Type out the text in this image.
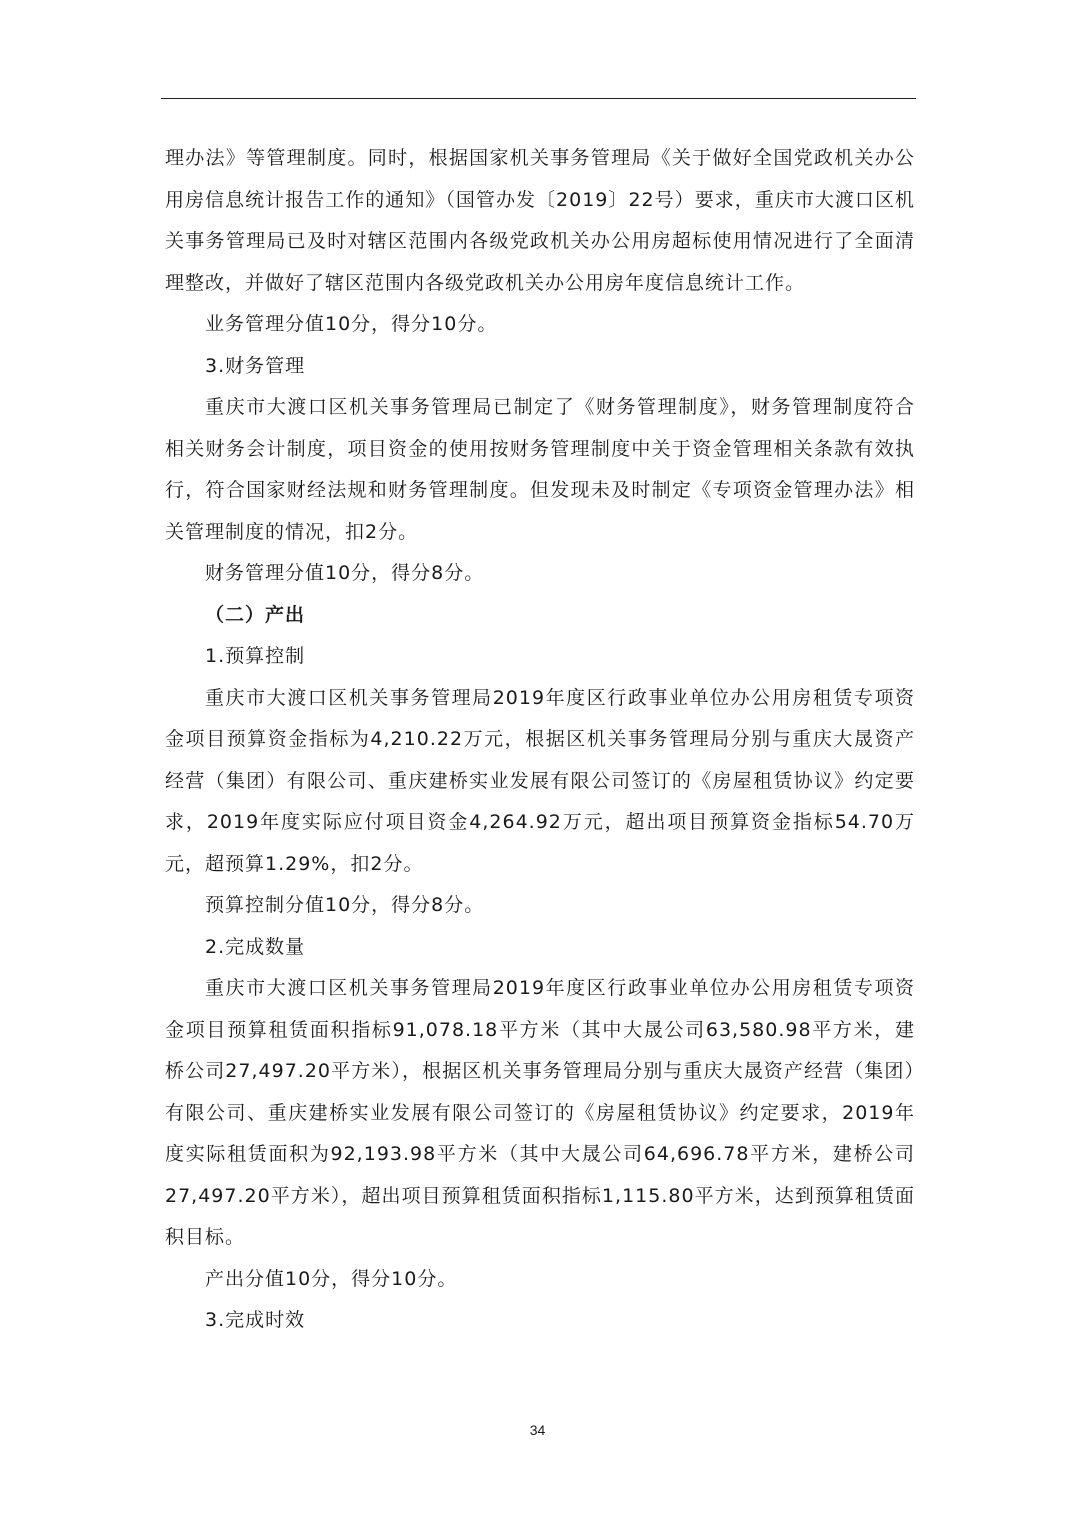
理办法》等管理制度。同时，根据国家机关事务管理局《关于做好全国党政机关办公用房信息统计报告工作的通知》（国管办发〔2019〕22号）要求，重庆市大渡口区机关事务管理局已及时对辖区范围内各级党政机关办公用房超标使用情况进行了全面清理整改，并做好了辖区范围内各级党政机关办公用房年度信息统计工作。

业务管理分值10分，得分10分。

3.财务管理

重庆市大渡口区机关事务管理局已制定了《财务管理制度》，财务管理制度符合相关财务会计制度，项目资金的使用按财务管理制度中关于资金管理相关条款有效执行，符合国家财经法规和财务管理制度。但发现未及时制定《专项资金管理办法》相关管理制度的情况，扣2分。

财务管理分值10分，得分8分。

（二）产出

1.预算控制

重庆市大渡口区机关事务管理局2019年度区行政事业单位办公用房租赁专项资金项目预算资金指标为4,210.22万元，根据区机关事务管理局分别与重庆大晟资产经营（集团）有限公司、重庆建桥实业发展有限公司签订的《房屋租赁协议》约定要求，2019年度实际应付项目资金4,264.92万元，超出项目预算资金指标54.70万元，超预算1.29%，扣2分。

预算控制分值10分，得分8分。

2.完成数量

重庆市大渡口区机关事务管理局2019年度区行政事业单位办公用房租赁专项资金项目预算租赁面积指标91,078.18平方米（其中大晟公司63,580.98平方米，建桥公司27,497.20平方米），根据区机关事务管理局分别与重庆大晟资产经营（集团）有限公司、重庆建桥实业发展有限公司签订的《房屋租赁协议》约定要求，2019年度实际租赁面积为92,193.98平方米（其中大晟公司64,696.78平方米，建桥公司27,497.20平方米），超出项目预算租赁面积指标1,115.80平方米，达到预算租赁面积目标。

产出分值10分，得分10分。

3.完成时效

34
